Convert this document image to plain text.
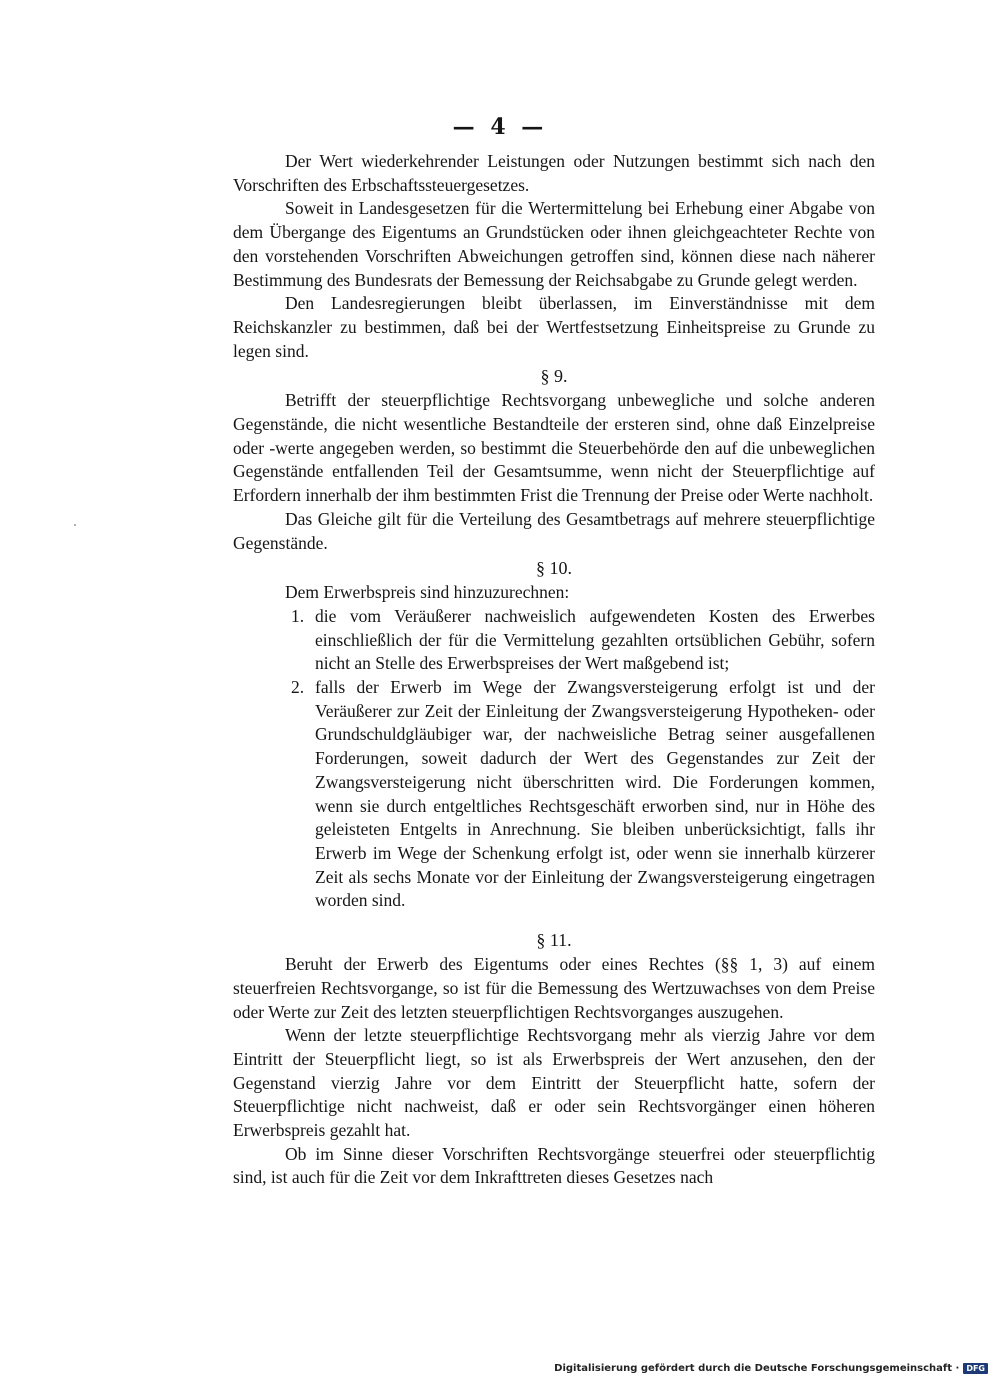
— 4 —

Der Wert wiederkehrender Leistungen oder Nutzungen bestimmt sich nach den Vorschriften des Erbschaftssteuergesetzes.

Soweit in Landesgesetzen für die Wertermittelung bei Erhebung einer Abgabe von dem Übergange des Eigentums an Grundstücken oder ihnen gleichgeachteter Rechte von den vorstehenden Vorschriften Abweichungen getroffen sind, können diese nach näherer Bestimmung des Bundesrats der Bemessung der Reichsabgabe zu Grunde gelegt werden.

Den Landesregierungen bleibt überlassen, im Einverständnisse mit dem Reichskanzler zu bestimmen, daß bei der Wertfestsetzung Einheitspreise zu Grunde zu legen sind.

§ 9.

Betrifft der steuerpflichtige Rechtsvorgang unbewegliche und solche anderen Gegenstände, die nicht wesentliche Bestandteile der ersteren sind, ohne daß Einzelpreise oder -werte angegeben werden, so bestimmt die Steuerbehörde den auf die unbeweglichen Gegenstände entfallenden Teil der Gesamtsumme, wenn nicht der Steuerpflichtige auf Erfordern innerhalb der ihm bestimmten Frist die Trennung der Preise oder Werte nachholt.

Das Gleiche gilt für die Verteilung des Gesamtbetrags auf mehrere steuerpflichtige Gegenstände.

§ 10.

Dem Erwerbspreis sind hinzuzurechnen:

1. die vom Veräußerer nachweislich aufgewendeten Kosten des Erwerbes einschließlich der für die Vermittelung gezahlten ortsüblichen Gebühr, sofern nicht an Stelle des Erwerbspreises der Wert maßgebend ist;

2. falls der Erwerb im Wege der Zwangsversteigerung erfolgt ist und der Veräußerer zur Zeit der Einleitung der Zwangsversteigerung Hypotheken- oder Grundschuldgläubiger war, der nachweisliche Betrag seiner ausgefallenen Forderungen, soweit dadurch der Wert des Gegenstandes zur Zeit der Zwangsversteigerung nicht überschritten wird. Die Forderungen kommen, wenn sie durch entgeltliches Rechtsgeschäft erworben sind, nur in Höhe des geleisteten Entgelts in Anrechnung. Sie bleiben unberücksichtigt, falls ihr Erwerb im Wege der Schenkung erfolgt ist, oder wenn sie innerhalb kürzerer Zeit als sechs Monate vor der Einleitung der Zwangsversteigerung eingetragen worden sind.

§ 11.

Beruht der Erwerb des Eigentums oder eines Rechtes (§§ 1, 3) auf einem steuerfreien Rechtsvorgange, so ist für die Bemessung des Wertzuwachses von dem Preise oder Werte zur Zeit des letzten steuerpflichtigen Rechtsvorganges auszugehen.

Wenn der letzte steuerpflichtige Rechtsvorgang mehr als vierzig Jahre vor dem Eintritt der Steuerpflicht liegt, so ist als Erwerbspreis der Wert anzusehen, den der Gegenstand vierzig Jahre vor dem Eintritt der Steuerpflicht hatte, sofern der Steuerpflichtige nicht nachweist, daß er oder sein Rechtsvorgänger einen höheren Erwerbspreis gezahlt hat.

Ob im Sinne dieser Vorschriften Rechtsvorgänge steuerfrei oder steuerpflichtig sind, ist auch für die Zeit vor dem Inkrafttreten dieses Gesetzes nach

Digitalisierung gefördert durch die Deutsche Forschungsgemeinschaft · DFG
